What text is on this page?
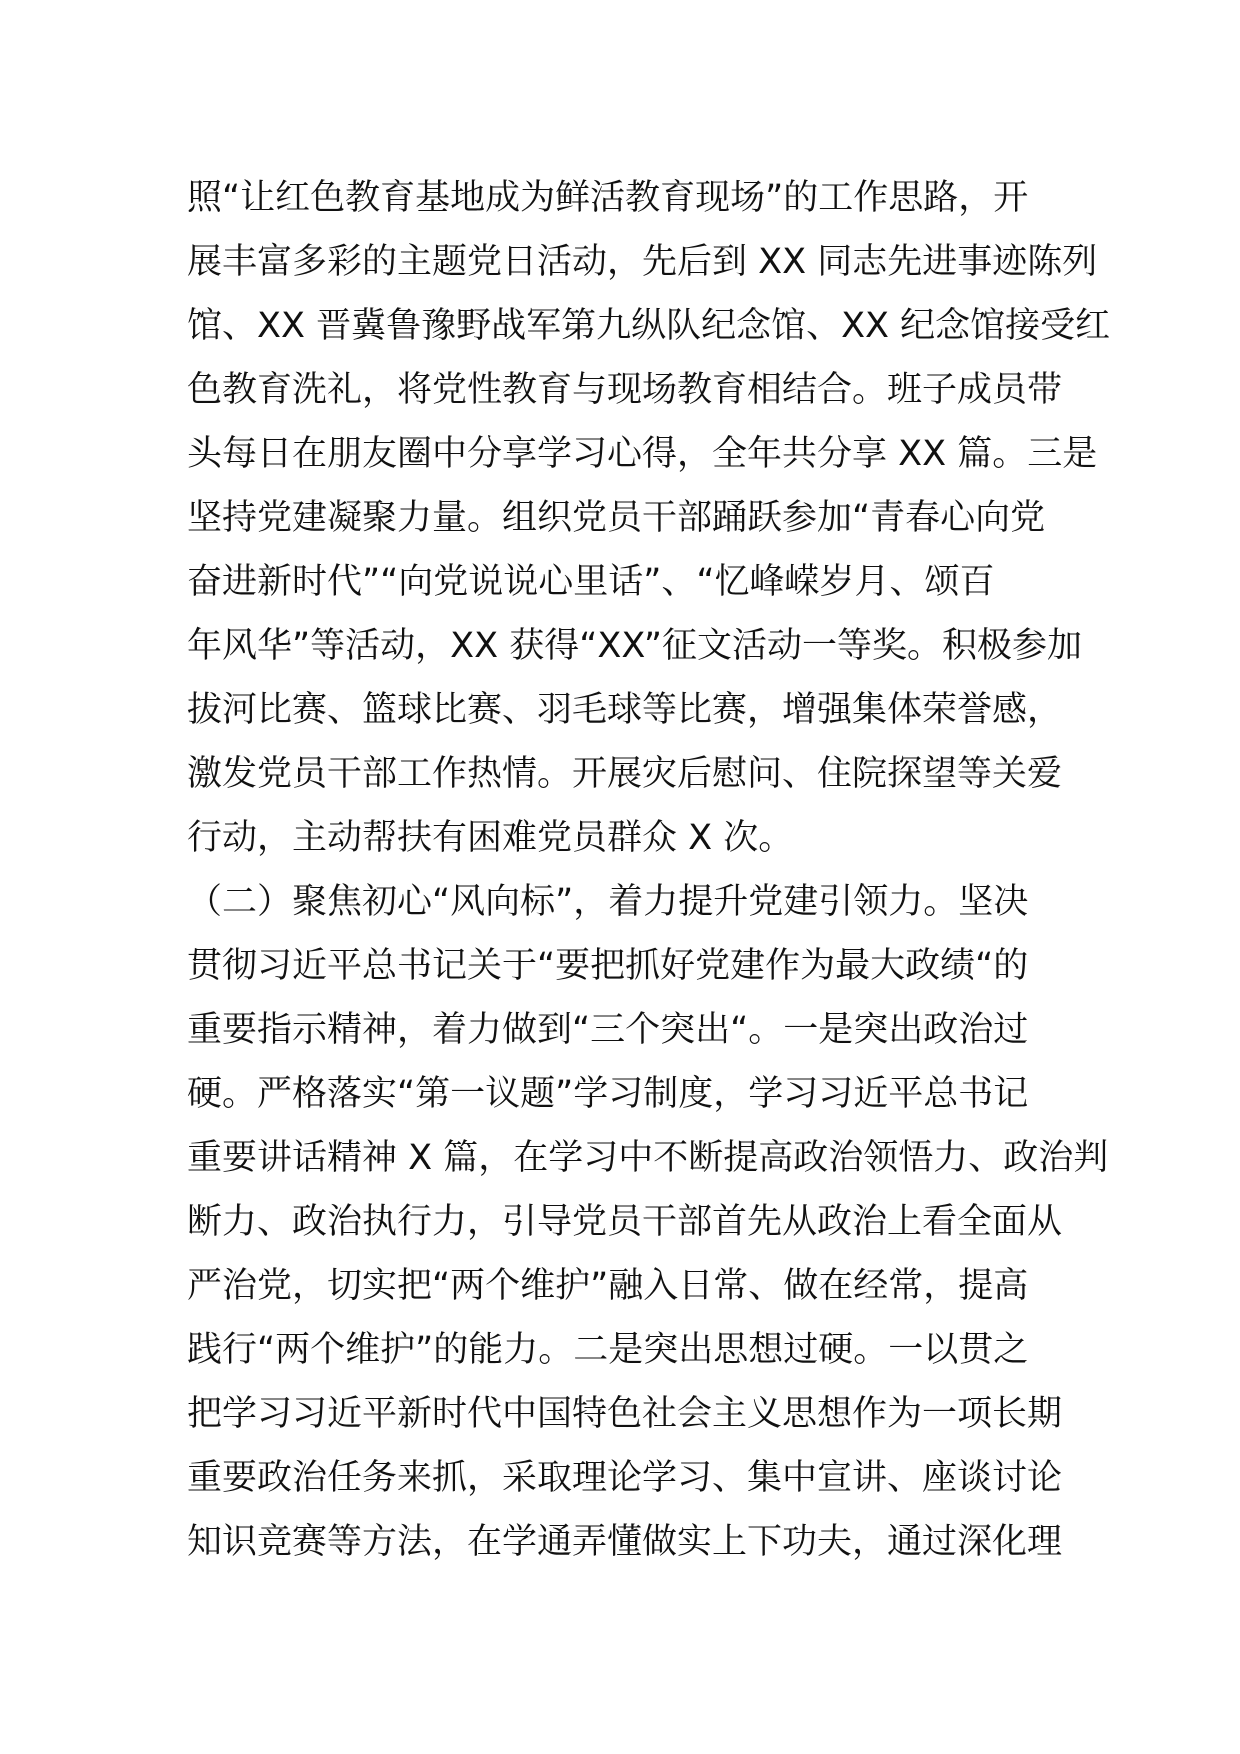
照“让红色教育基地成为鲜活教育现场”的工作思路，开
展丰富多彩的主题党日活动，先后到 XX 同志先进事迹陈列
馆、XX 晋冀鲁豫野战军第九纵队纪念馆、XX 纪念馆接受红
色教育洗礼，将党性教育与现场教育相结合。班子成员带
头每日在朋友圈中分享学习心得，全年共分享 XX 篇。三是
坚持党建凝聚力量。组织党员干部踊跃参加“青春心向党
奋进新时代”“向党说说心里话”、“忆峰嵘岁月、颂百
年风华”等活动，XX 获得“XX”征文活动一等奖。积极参加
拔河比赛、篮球比赛、羽毛球等比赛，增强集体荣誉感，
激发党员干部工作热情。开展灾后慰问、住院探望等关爱
行动，主动帮扶有困难党员群众 X 次。
（二）聚焦初心“风向标”，着力提升党建引领力。坚决
贯彻习近平总书记关于“要把抓好党建作为最大政绩“的
重要指示精神，着力做到“三个突出“。一是突出政治过
硬。严格落实“第一议题”学习制度，学习习近平总书记
重要讲话精神 X 篇，在学习中不断提高政治领悟力、政治判
断力、政治执行力，引导党员干部首先从政治上看全面从
严治党，切实把“两个维护”融入日常、做在经常，提高
践行“两个维护”的能力。二是突出思想过硬。一以贯之
把学习习近平新时代中国特色社会主义思想作为一项长期
重要政治任务来抓，采取理论学习、集中宣讲、座谈讨论
知识竞赛等方法，在学通弄懂做实上下功夫，通过深化理
